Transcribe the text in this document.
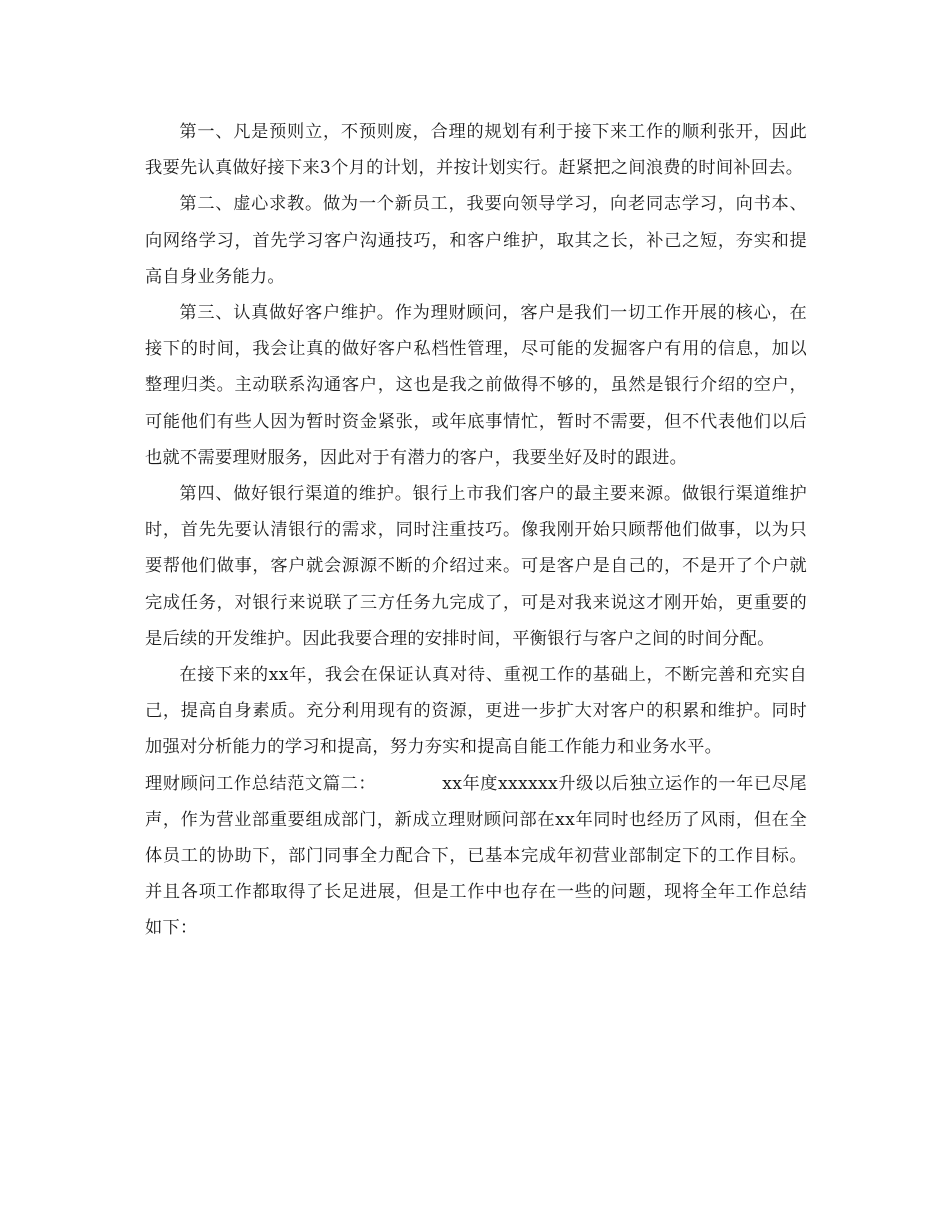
第一、凡是预则立，不预则废，合理的规划有利于接下来工作的顺利张开，因此我要先认真做好接下来3个月的计划，并按计划实行。赶紧把之间浪费的时间补回去。

第二、虚心求教。做为一个新员工，我要向领导学习，向老同志学习，向书本、向网络学习，首先学习客户沟通技巧，和客户维护，取其之长，补己之短，夯实和提高自身业务能力。

第三、认真做好客户维护。作为理财顾问，客户是我们一切工作开展的核心，在接下的时间，我会让真的做好客户私档性管理，尽可能的发掘客户有用的信息，加以整理归类。主动联系沟通客户，这也是我之前做得不够的，虽然是银行介绍的空户，可能他们有些人因为暂时资金紧张，或年底事情忙，暂时不需要，但不代表他们以后也就不需要理财服务，因此对于有潜力的客户，我要坐好及时的跟进。

第四、做好银行渠道的维护。银行上市我们客户的最主要来源。做银行渠道维护时，首先先要认清银行的需求，同时注重技巧。像我刚开始只顾帮他们做事，以为只要帮他们做事，客户就会源源不断的介绍过来。可是客户是自己的，不是开了个户就完成任务，对银行来说联了三方任务九完成了，可是对我来说这才刚开始，更重要的是后续的开发维护。因此我要合理的安排时间，平衡银行与客户之间的时间分配。

在接下来的xx年，我会在保证认真对待、重视工作的基础上，不断完善和充实自己，提高自身素质。充分利用现有的资源，更进一步扩大对客户的积累和维护。同时加强对分析能力的学习和提高，努力夯实和提高自能工作能力和业务水平。

理财顾问工作总结范文篇二：	xx年度xxxxxx升级以后独立运作的一年已尽尾声，作为营业部重要组成部门，新成立理财顾问部在xx年同时也经历了风雨，但在全体员工的协助下，部门同事全力配合下，已基本完成年初营业部制定下的工作目标。并且各项工作都取得了长足进展，但是工作中也存在一些的问题，现将全年工作总结如下：
